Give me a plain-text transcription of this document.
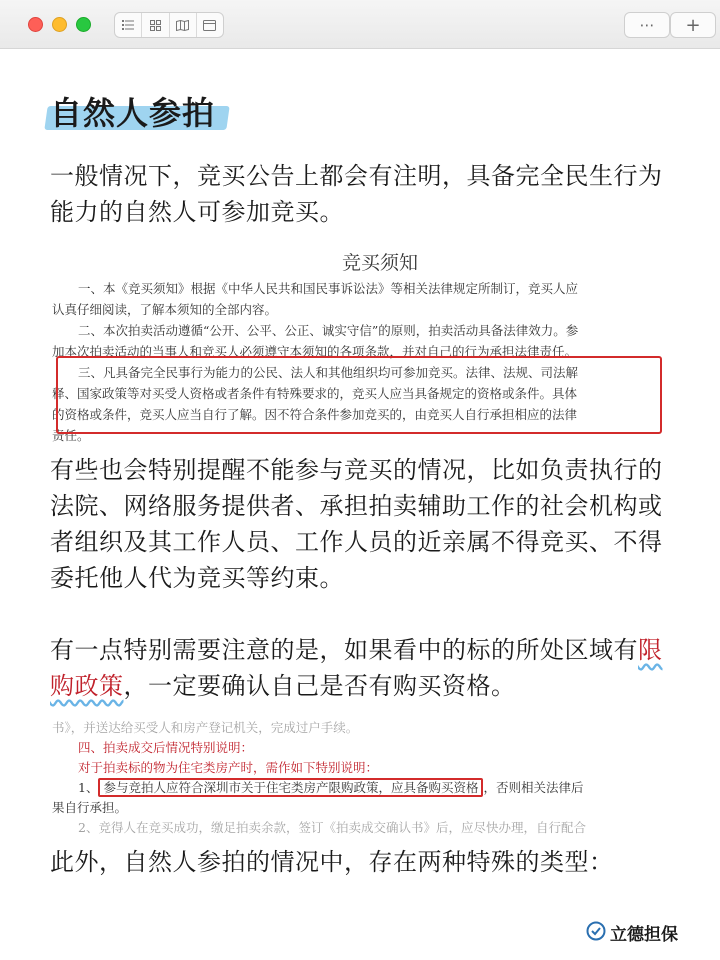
⋯ +
自然人参拍

一般情况下，竞买公告上都会有注明，具备完全民生行为能力的自然人可参加竞买。

竞买须知
一、本《竞买须知》根据《中华人民共和国民事诉讼法》等相关法律规定所制订，竞买人应
认真仔细阅读，了解本须知的全部内容。
二、本次拍卖活动遵循“公开、公平、公正、诚实守信”的原则，拍卖活动具备法律效力。参
加本次拍卖活动的当事人和竞买人必须遵守本须知的各项条款，并对自己的行为承担法律责任。
三、凡具备完全民事行为能力的公民、法人和其他组织均可参加竞买。法律、法规、司法解
释、国家政策等对买受人资格或者条件有特殊要求的，竞买人应当具备规定的资格或条件。具体
的资格或条件，竞买人应当自行了解。因不符合条件参加竞买的，由竞买人自行承担相应的法律
责任。

有些也会特别提醒不能参与竞买的情况，比如负责执行的法院、网络服务提供者、承担拍卖辅助工作的社会机构或者组织及其工作人员、工作人员的近亲属不得竞买、不得委托他人代为竞买等约束。

有一点特别需要注意的是，如果看中的标的所处区域有限购政策，一定要确认自己是否有购买资格。

书》，并送达给买受人和房产登记机关，完成过户手续。
四、拍卖成交后情况特别说明：
对于拍卖标的物为住宅类房产时，需作如下特别说明：
1、 参与竞拍人应符合深圳市关于住宅类房产限购政策，应具备购买资格 ，否则相关法律后
果自行承担。
2、竞得人在竞买成功，缴足拍卖余款，签订《拍卖成交确认书》后，应尽快办理，自行配合

此外，自然人参拍的情况中，存在两种特殊的类型：

立德担保
